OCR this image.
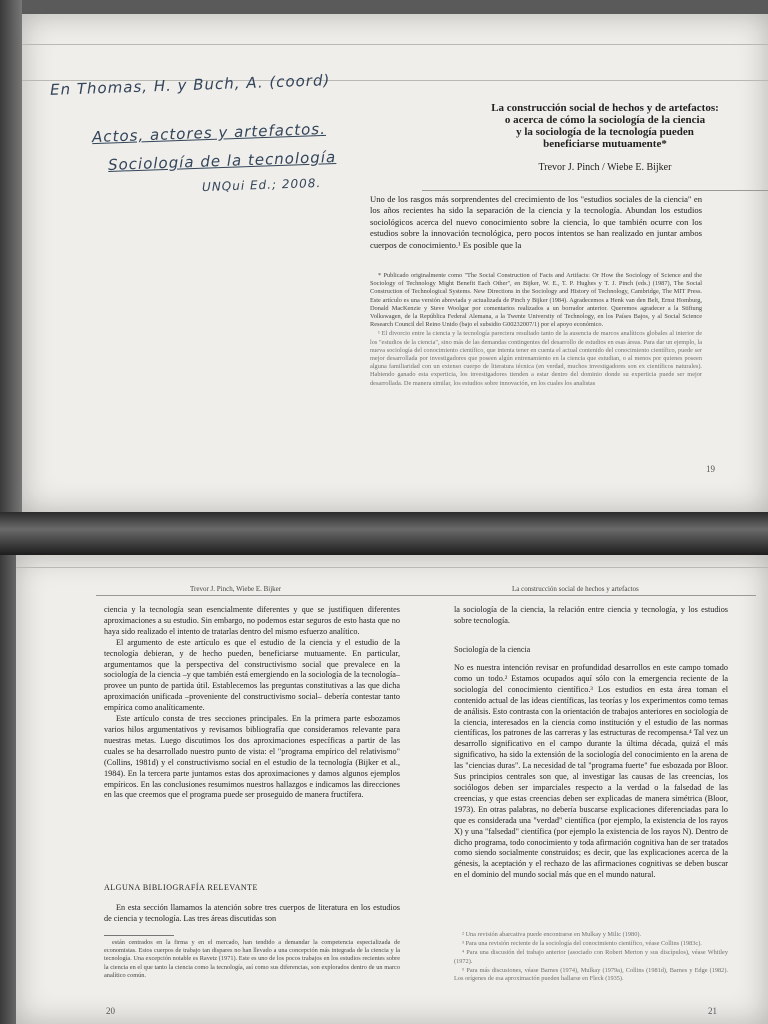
En Thomas, H. y Buch, A. (coord)
Actos, actores y artefactos.
Sociología de la tecnología
UNQui Ed.; 2008.
La construcción social de hechos y de artefactos:
o acerca de cómo la sociología de la ciencia
y la sociología de la tecnología pueden
beneficiarse mutuamente*
Trevor J. Pinch / Wiebe E. Bijker

Uno de los rasgos más sorprendentes del crecimiento de los "estudios sociales de la ciencia" en los años recientes ha sido la separación de la ciencia y la tecnología. Abundan los estudios sociológicos acerca del nuevo conocimiento sobre la ciencia, lo que también ocurre con los estudios sobre la innovación tecnológica, pero pocos intentos se han realizado en juntar ambos cuerpos de conocimiento.¹ Es posible que la

* Publicado originalmente como "The Social Construction of Facts and Artifacts: Or How the Sociology of Science and the Sociology of Technology Might Benefit Each Other", en Bijker, W. E., T. P. Hughes y T. J. Pinch (eds.) (1987), The Social Construction of Technological Systems. New Directions in the Sociology and History of Technology, Cambridge, The MIT Press. Este artículo es una versión abreviada y actualizada de Pinch y Bijker (1984). Agradecemos a Henk van den Belt, Ernst Homburg, Donald MacKenzie y Steve Woolgar por comentarios realizados a un borrador anterior. Queremos agradecer a la Stiftung Volkswagen, de la República Federal Alemana, a la Twente University of Technology, en los Países Bajos, y al Social Science Research Council del Reino Unido (bajo el subsidio G00232007/1) por el apoyo económico.

¹ El divorcio entre la ciencia y la tecnología pareciera resultado tanto de la ausencia de marcos analíticos globales al interior de los "estudios de la ciencia", sino más de las demandas contingentes del desarrollo de estudios en esas áreas. Para dar un ejemplo, la nueva sociología del conocimiento científico, que intenta tener en cuenta el actual contenido del conocimiento científico, puede ser mejor desarrollada por investigadores que poseen algún entrenamiento en la ciencia que estudian, o al menos por quienes poseen alguna familiaridad con un extenso cuerpo de literatura técnica (en verdad, muchos investigadores son ex científicos naturales). Habiendo ganado esta experticia, los investigadores tienden a estar dentro del dominio donde su experticia puede ser mejor desarrollada. De manera similar, los estudios sobre innovación, en los cuales los analistas

19
Trevor J. Pinch, Wiebe E. Bijker	La construcción social de hechos y artefactos

ciencia y la tecnología sean esencialmente diferentes y que se justifiquen diferentes aproximaciones a su estudio. Sin embargo, no podemos estar seguros de esto hasta que no haya sido realizado el intento de tratarlas dentro del mismo esfuerzo analítico.

El argumento de este artículo es que el estudio de la ciencia y el estudio de la tecnología debieran, y de hecho pueden, beneficiarse mutuamente. En particular, argumentamos que la perspectiva del constructivismo social que prevalece en la sociología de la ciencia –y que también está emergiendo en la sociología de la tecnología– provee un punto de partida útil. Establecemos las preguntas constitutivas a las que dicha aproximación unificada –proveniente del constructivismo social– debería contestar tanto empírica como analíticamente.

Este artículo consta de tres secciones principales. En la primera parte esbozamos varios hilos argumentativos y revisamos bibliografía que consideramos relevante para nuestras metas. Luego discutimos los dos aproximaciones específicas a partir de las cuales se ha desarrollado nuestro punto de vista: el "programa empírico del relativismo" (Collins, 1981d) y el constructivismo social en el estudio de la tecnología (Bijker et al., 1984). En la tercera parte juntamos estas dos aproximaciones y damos algunos ejemplos empíricos. En las conclusiones resumimos nuestros hallazgos e indicamos las direcciones en las que creemos que el programa puede ser proseguido de manera fructífera.

ALGUNA BIBLIOGRAFÍA RELEVANTE

En esta sección llamamos la atención sobre tres cuerpos de literatura en los estudios de ciencia y tecnología. Las tres áreas discutidas son

están centrados en la firma y en el mercado, han tendido a demandar la competencia especializada de economistas. Estos cuerpos de trabajo tan dispares no han llevado a una concepción más integrada de la ciencia y la tecnología. Una excepción notable es Ravetz (1971). Este es uno de los pocos trabajos en los estudios recientes sobre la ciencia en el que tanto la ciencia como la tecnología, así como sus diferencias, son explorados dentro de un marco analítico común.

20

la sociología de la ciencia, la relación entre ciencia y tecnología, y los estudios sobre tecnología.

Sociología de la ciencia

No es nuestra intención revisar en profundidad desarrollos en este campo tomado como un todo.² Estamos ocupados aquí sólo con la emergencia reciente de la sociología del conocimiento científico.³ Los estudios en esta área toman el contenido actual de las ideas científicas, las teorías y los experimentos como temas de análisis. Esto contrasta con la orientación de trabajos anteriores en sociología de la ciencia, interesados en la ciencia como institución y el estudio de las normas científicas, los patrones de las carreras y las estructuras de recompensa.⁴ Tal vez un desarrollo significativo en el campo durante la última década, quizá el más significativo, ha sido la extensión de la sociología del conocimiento en la arena de las "ciencias duras". La necesidad de tal "programa fuerte" fue esbozada por Bloor. Sus principios centrales son que, al investigar las causas de las creencias, los sociólogos deben ser imparciales respecto a la verdad o la falsedad de las creencias, y que estas creencias deben ser explicadas de manera simétrica (Bloor, 1973). En otras palabras, no debería buscarse explicaciones diferenciadas para lo que es considerada una "verdad" científica (por ejemplo, la existencia de los rayos X) y una "falsedad" científica (por ejemplo la existencia de los rayos N). Dentro de dicho programa, todo conocimiento y toda afirmación cognitiva han de ser tratados como siendo socialmente construidos; es decir, que las explicaciones acerca de la génesis, la aceptación y el rechazo de las afirmaciones cognitivas se deben buscar en el dominio del mundo social más que en el mundo natural.

² Una revisión abarcativa puede encontrarse en Mulkay y Milic (1980).

³ Para una revisión reciente de la sociología del conocimiento científico, véase Collins (1983c).

⁴ Para una discusión del trabajo anterior (asociado con Robert Merton y sus discípulos), véase Whitley (1972).

⁵ Para más discusiones, véase Barnes (1974), Mulkay (1979a), Collins (1981d), Barnes y Edge (1982). Los orígenes de esa aproximación pueden hallarse en Fleck (1935).

21
